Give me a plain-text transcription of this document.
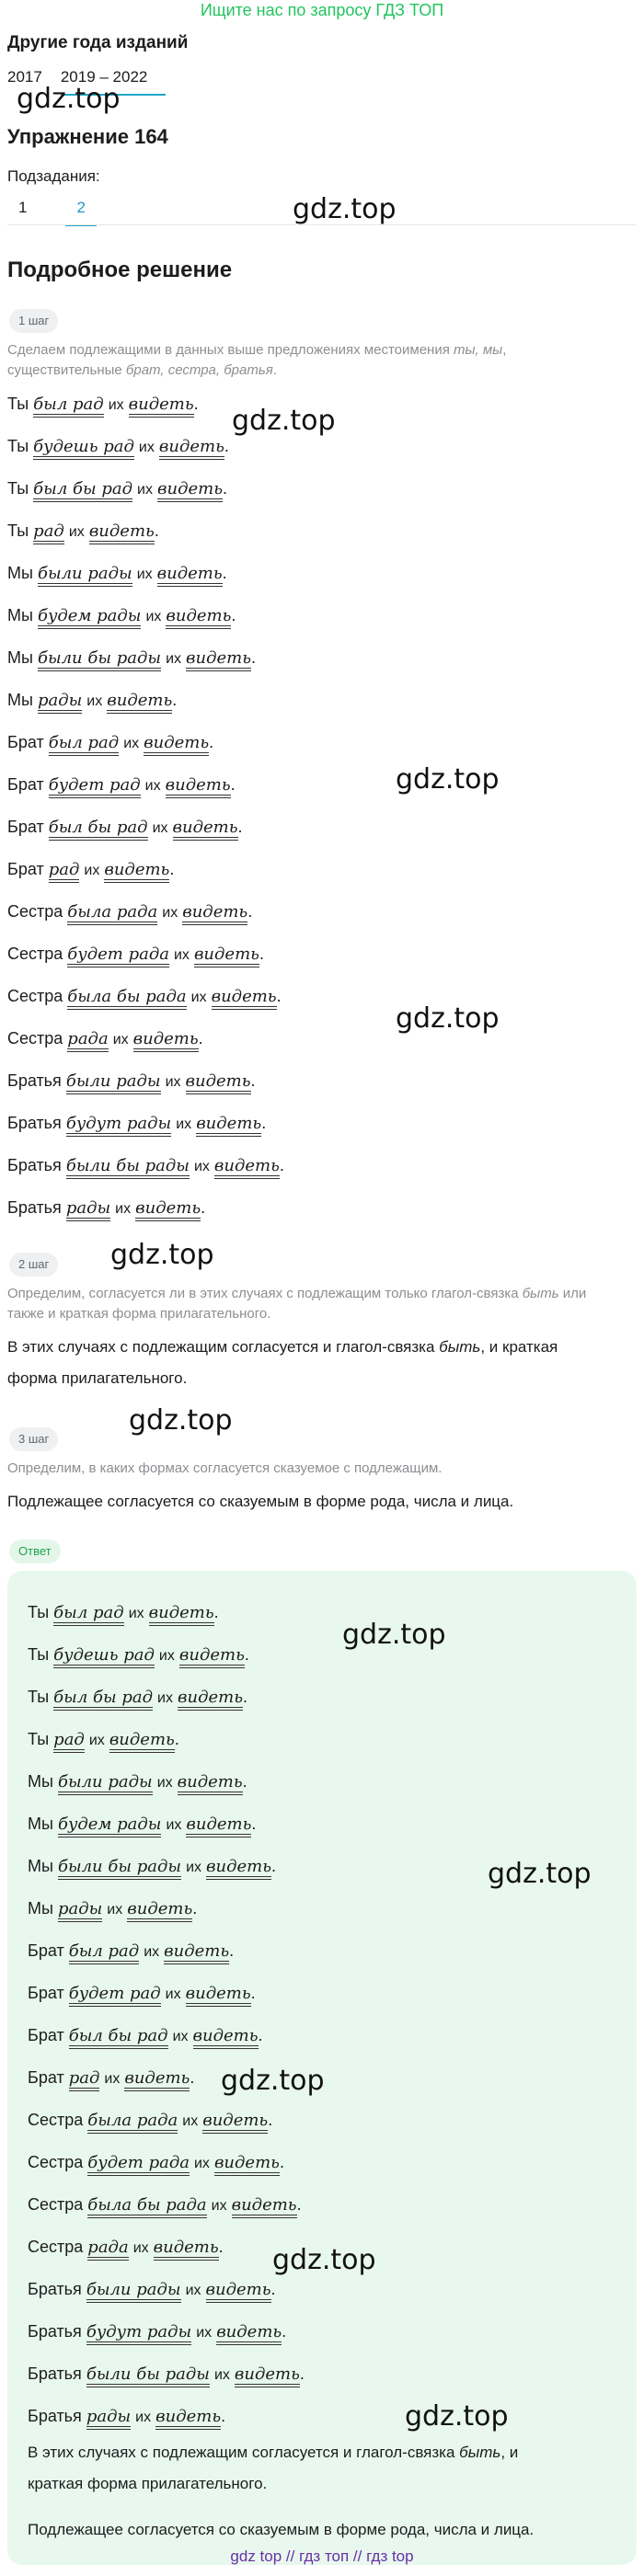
Ищите нас по запросу ГДЗ ТОП
Другие года изданий
2017 2019 – 2022
gdz.top
Упражнение 164
Подзадания:
1	2	gdz.top
Подробное решение
1 шаг
Сделаем подлежащими в данных выше предложениях местоимения ты, мы,
существительные брат, сестра, братья.
Ты был рад их видеть.
Ты будешь рад их видеть.
Ты был бы рад их видеть.
Ты рад их видеть.
Мы были рады их видеть.
Мы будем рады их видеть.
Мы были бы рады их видеть.
Мы рады их видеть.
Брат был рад их видеть.
Брат будет рад их видеть.
Брат был бы рад их видеть.
Брат рад их видеть.
Сестра была рада их видеть.
Сестра будет рада их видеть.
Сестра была бы рада их видеть.
Сестра рада их видеть.
Братья были рады их видеть.
Братья будут рады их видеть.
Братья были бы рады их видеть.
Братья рады их видеть.
gdz.top
gdz.top
gdz.top
gdz.top
2 шаг
Определим, согласуется ли в этих случаях с подлежащим только глагол-связка быть или
также и краткая форма прилагательного.
В этих случаях с подлежащим согласуется и глагол-связка быть, и краткая
форма прилагательного.
gdz.top
3 шаг
Определим, в каких формах согласуется сказуемое с подлежащим.
Подлежащее согласуется со сказуемым в форме рода, числа и лица.
Ответ
Ты был рад их видеть.
Ты будешь рад их видеть.
Ты был бы рад их видеть.
Ты рад их видеть.
Мы были рады их видеть.
Мы будем рады их видеть.
Мы были бы рады их видеть.
Мы рады их видеть.
Брат был рад их видеть.
Брат будет рад их видеть.
Брат был бы рад их видеть.
Брат рад их видеть.
Сестра была рада их видеть.
Сестра будет рада их видеть.
Сестра была бы рада их видеть.
Сестра рада их видеть.
Братья были рады их видеть.
Братья будут рады их видеть.
Братья были бы рады их видеть.
Братья рады их видеть.
gdz.top
gdz.top
gdz.top
gdz.top
gdz.top
В этих случаях с подлежащим согласуется и глагол-связка быть, и
краткая форма прилагательного.
Подлежащее согласуется со сказуемым в форме рода, числа и лица.
gdz top // гдз топ // гдз top
